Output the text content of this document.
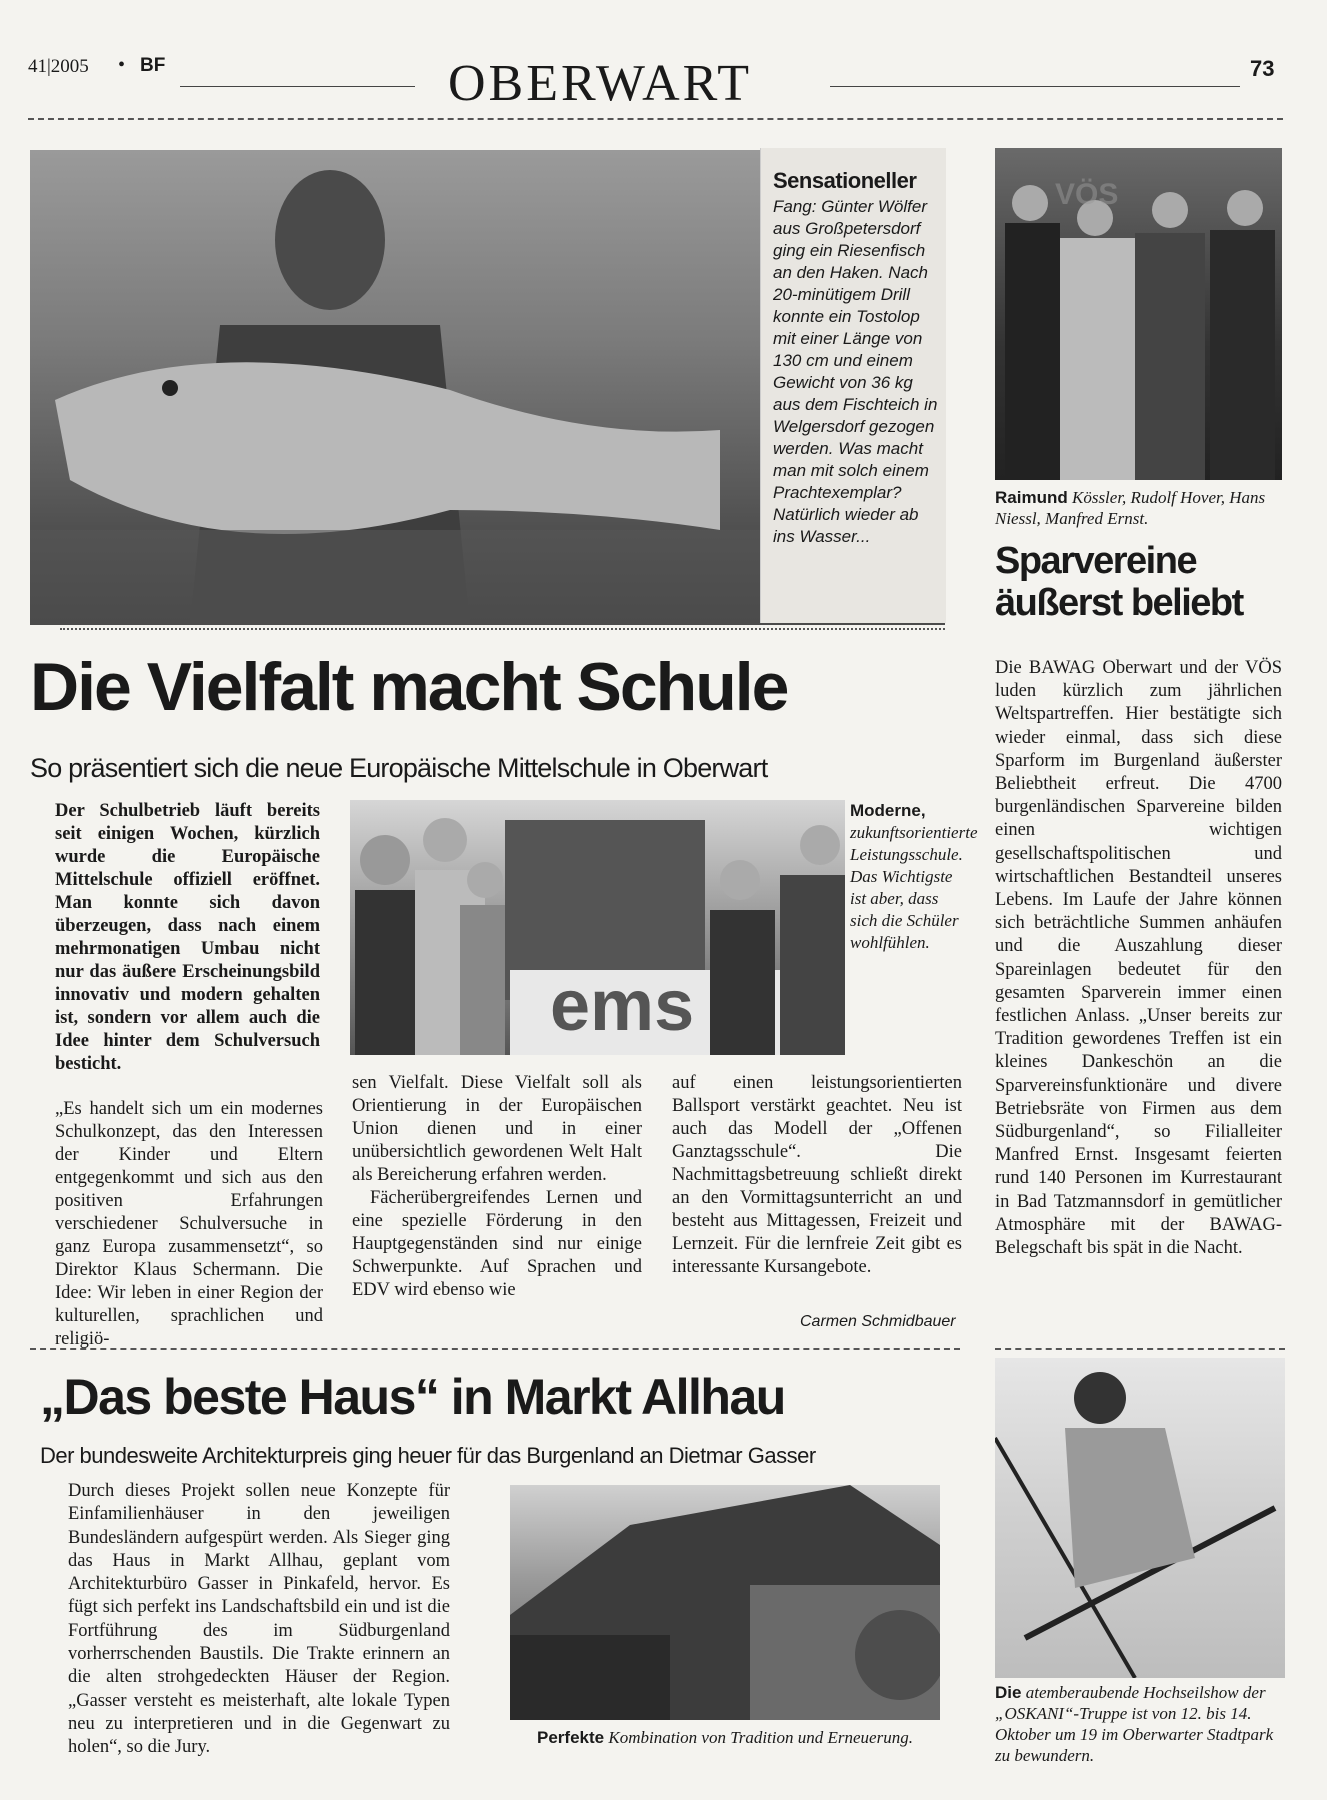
41|2005 • BF	OBERWART	73
Sensationeller
Fang: Günter Wölfer aus Großpetersdorf ging ein Riesenfisch an den Haken. Nach 20-minütigem Drill konnte ein Tostolop mit einer Länge von 130 cm und einem Gewicht von 36 kg aus dem Fischteich in Welgersdorf gezogen werden. Was macht man mit solch einem Prachtexemplar? Natürlich wieder ab ins Wasser...
VÖS
Raimund Kössler, Rudolf Hover, Hans Niessl, Manfred Ernst.
Sparvereine
äußerst beliebt
Die BAWAG Oberwart und der VÖS luden kürzlich zum jährlichen Weltspartreffen. Hier bestätigte sich wieder einmal, dass sich diese Sparform im Burgenland äußerster Beliebtheit erfreut. Die 4700 burgenländischen Sparvereine bilden einen wichtigen gesellschaftspolitischen und wirtschaftlichen Bestandteil unseres Lebens. Im Laufe der Jahre können sich beträchtliche Summen anhäufen und die Auszahlung dieser Spareinlagen bedeutet für den gesamten Sparverein immer einen festlichen Anlass. „Unser bereits zur Tradition gewordenes Treffen ist ein kleines Dankeschön an die Sparvereinsfunktionäre und divere Betriebsräte von Firmen aus dem Südburgenland“, so Filialleiter Manfred Ernst. Insgesamt feierten rund 140 Personen im Kurrestaurant in Bad Tatzmannsdorf in gemütlicher Atmosphäre mit der BAWAG-Belegschaft bis spät in die Nacht.
Die Vielfalt macht Schule
So präsentiert sich die neue Europäische Mittelschule in Oberwart
Der Schulbetrieb läuft bereits seit einigen Wochen, kürzlich wurde die Europäische Mittelschule offiziell eröffnet. Man konnte sich davon überzeugen, dass nach einem mehrmonatigen Umbau nicht nur das äußere Erscheinungsbild innovativ und modern gehalten ist, sondern vor allem auch die Idee hinter dem Schulversuch besticht.
ems
Moderne,
zukunftsorientierte Leistungsschule. Das Wichtigste ist aber, dass sich die Schüler wohlfühlen.
„Es handelt sich um ein modernes Schulkonzept, das den Interessen der Kinder und Eltern entgegenkommt und sich aus den positiven Erfahrungen verschiedener Schulversuche in ganz Europa zusammensetzt“, so Direktor Klaus Schermann. Die Idee: Wir leben in einer Region der kulturellen, sprachlichen und religiö-
sen Vielfalt. Diese Vielfalt soll als Orientierung in der Europäischen Union dienen und in einer unübersichtlich gewordenen Welt Halt als Bereicherung erfahren werden.
Fächerübergreifendes Lernen und eine spezielle Förderung in den Hauptgegenständen sind nur einige Schwerpunkte. Auf Sprachen und EDV wird ebenso wie
auf einen leistungsorientierten Ballsport verstärkt geachtet. Neu ist auch das Modell der „Offenen Ganztagsschule“. Die Nachmittagsbetreuung schließt direkt an den Vormittagsunterricht an und besteht aus Mittagessen, Freizeit und Lernzeit. Für die lernfreie Zeit gibt es interessante Kursangebote.
Carmen Schmidbauer
„Das beste Haus“ in Markt Allhau
Der bundesweite Architekturpreis ging heuer für das Burgenland an Dietmar Gasser
Durch dieses Projekt sollen neue Konzepte für Einfamilienhäuser in den jeweiligen Bundesländern aufgespürt werden. Als Sieger ging das Haus in Markt Allhau, geplant vom Architekturbüro Gasser in Pinkafeld, hervor. Es fügt sich perfekt ins Landschaftsbild ein und ist die Fortführung des im Südburgenland vorherrschenden Baustils. Die Trakte erinnern an die alten strohgedeckten Häuser der Region. „Gasser versteht es meisterhaft, alte lokale Typen neu zu interpretieren und in die Gegenwart zu holen“, so die Jury.	Perfekte Kombination von Tradition und Erneuerung.
Die atemberaubende Hochseilshow der „OSKANI“-Truppe ist von 12. bis 14. Oktober um 19 im Oberwarter Stadtpark zu bewundern.
